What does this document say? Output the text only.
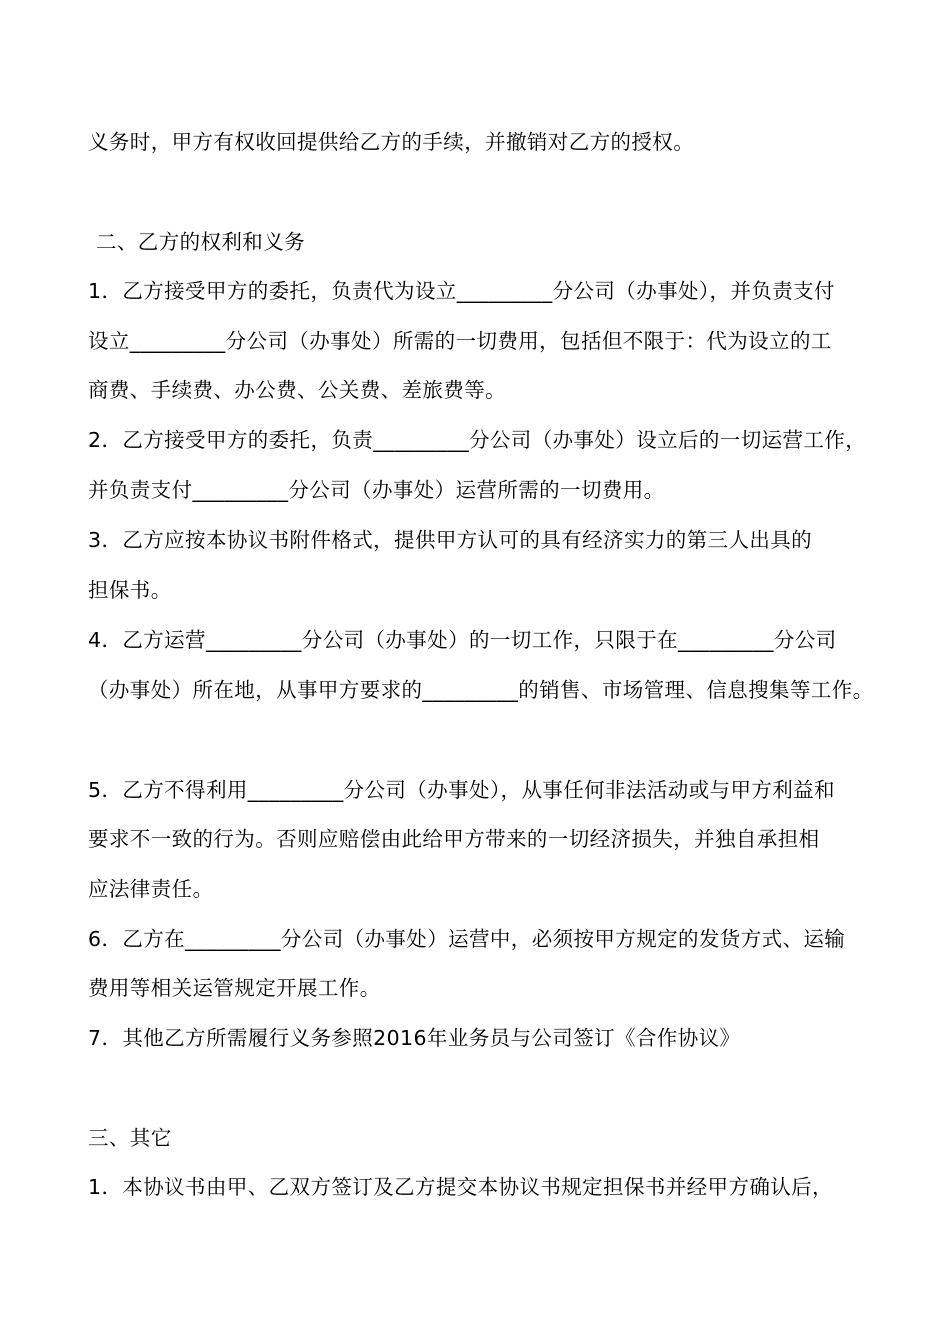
义务时，甲方有权收回提供给乙方的手续，并撤销对乙方的授权。
二、乙方的权利和义务
1．乙方接受甲方的委托，负责代为设立_________分公司（办事处），并负责支付
设立_________分公司（办事处）所需的一切费用，包括但不限于：代为设立的工
商费、手续费、办公费、公关费、差旅费等。
2．乙方接受甲方的委托，负责_________分公司（办事处）设立后的一切运营工作，
并负责支付_________分公司（办事处）运营所需的一切费用。
3．乙方应按本协议书附件格式，提供甲方认可的具有经济实力的第三人出具的
担保书。
4．乙方运营_________分公司（办事处）的一切工作，只限于在_________分公司
（办事处）所在地，从事甲方要求的_________的销售、市场管理、信息搜集等工作。
5．乙方不得利用_________分公司（办事处），从事任何非法活动或与甲方利益和
要求不一致的行为。否则应赔偿由此给甲方带来的一切经济损失，并独自承担相
应法律责任。
6．乙方在_________分公司（办事处）运营中，必须按甲方规定的发货方式、运输
费用等相关运管规定开展工作。
7．其他乙方所需履行义务参照2016年业务员与公司签订《合作协议》
三、其它
1．本协议书由甲、乙双方签订及乙方提交本协议书规定担保书并经甲方确认后，
